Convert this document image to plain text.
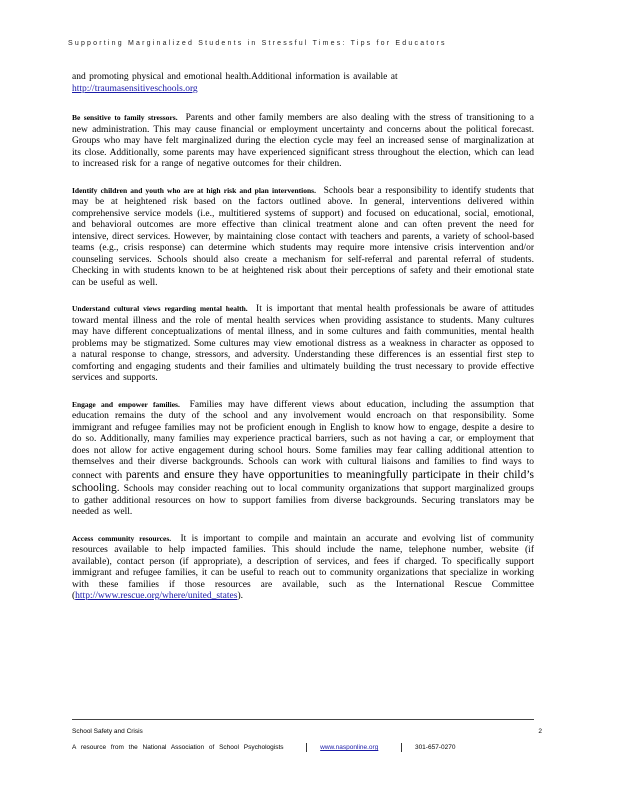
Supporting Marginalized Students in Stressful Times: Tips for Educators

and promoting physical and emotional health.Additional information is available at
http://traumasensitiveschools.org

Be sensitive to family stressors. Parents and other family members are also dealing with the stress of transitioning to a new administration. This may cause financial or employment uncertainty and concerns about the political forecast. Groups who may have felt marginalized during the election cycle may feel an increased sense of marginalization at its close. Additionally, some parents may have experienced significant stress throughout the election, which can lead to increased risk for a range of negative outcomes for their children.

Identify children and youth who are at high risk and plan interventions. Schools bear a responsibility to identify students that may be at heightened risk based on the factors outlined above. In general, interventions delivered within comprehensive service models (i.e., multitiered systems of support) and focused on educational, social, emotional, and behavioral outcomes are more effective than clinical treatment alone and can often prevent the need for intensive, direct services. However, by maintaining close contact with teachers and parents, a variety of school-based teams (e.g., crisis response) can determine which students may require more intensive crisis intervention and/or counseling services. Schools should also create a mechanism for self-referral and parental referral of students. Checking in with students known to be at heightened risk about their perceptions of safety and their emotional state can be useful as well.

Understand cultural views regarding mental health. It is important that mental health professionals be aware of attitudes toward mental illness and the role of mental health services when providing assistance to students. Many cultures may have different conceptualizations of mental illness, and in some cultures and faith communities, mental health problems may be stigmatized. Some cultures may view emotional distress as a weakness in character as opposed to a natural response to change, stressors, and adversity. Understanding these differences is an essential first step to comforting and engaging students and their families and ultimately building the trust necessary to provide effective services and supports.

Engage and empower families. Families may have different views about education, including the assumption that education remains the duty of the school and any involvement would encroach on that responsibility. Some immigrant and refugee families may not be proficient enough in English to know how to engage, despite a desire to do so. Additionally, many families may experience practical barriers, such as not having a car, or employment that does not allow for active engagement during school hours. Some families may fear calling additional attention to themselves and their diverse backgrounds. Schools can work with cultural liaisons and families to find ways to connect with parents and ensure they have opportunities to meaningfully participate in their child’s schooling. Schools may consider reaching out to local community organizations that support marginalized groups to gather additional resources on how to support families from diverse backgrounds. Securing translators may be needed as well.

Access community resources. It is important to compile and maintain an accurate and evolving list of community resources available to help impacted families. This should include the name, telephone number, website (if available), contact person (if appropriate), a description of services, and fees if charged. To specifically support immigrant and refugee families, it can be useful to reach out to community organizations that specialize in working with these families if those resources are available, such as the International Rescue Committee (http://www.rescue.org/where/united_states).

School Safety and Crisis	2
A resource from the National Association of School Psychologists	www.nasponline.org	301-657-0270
